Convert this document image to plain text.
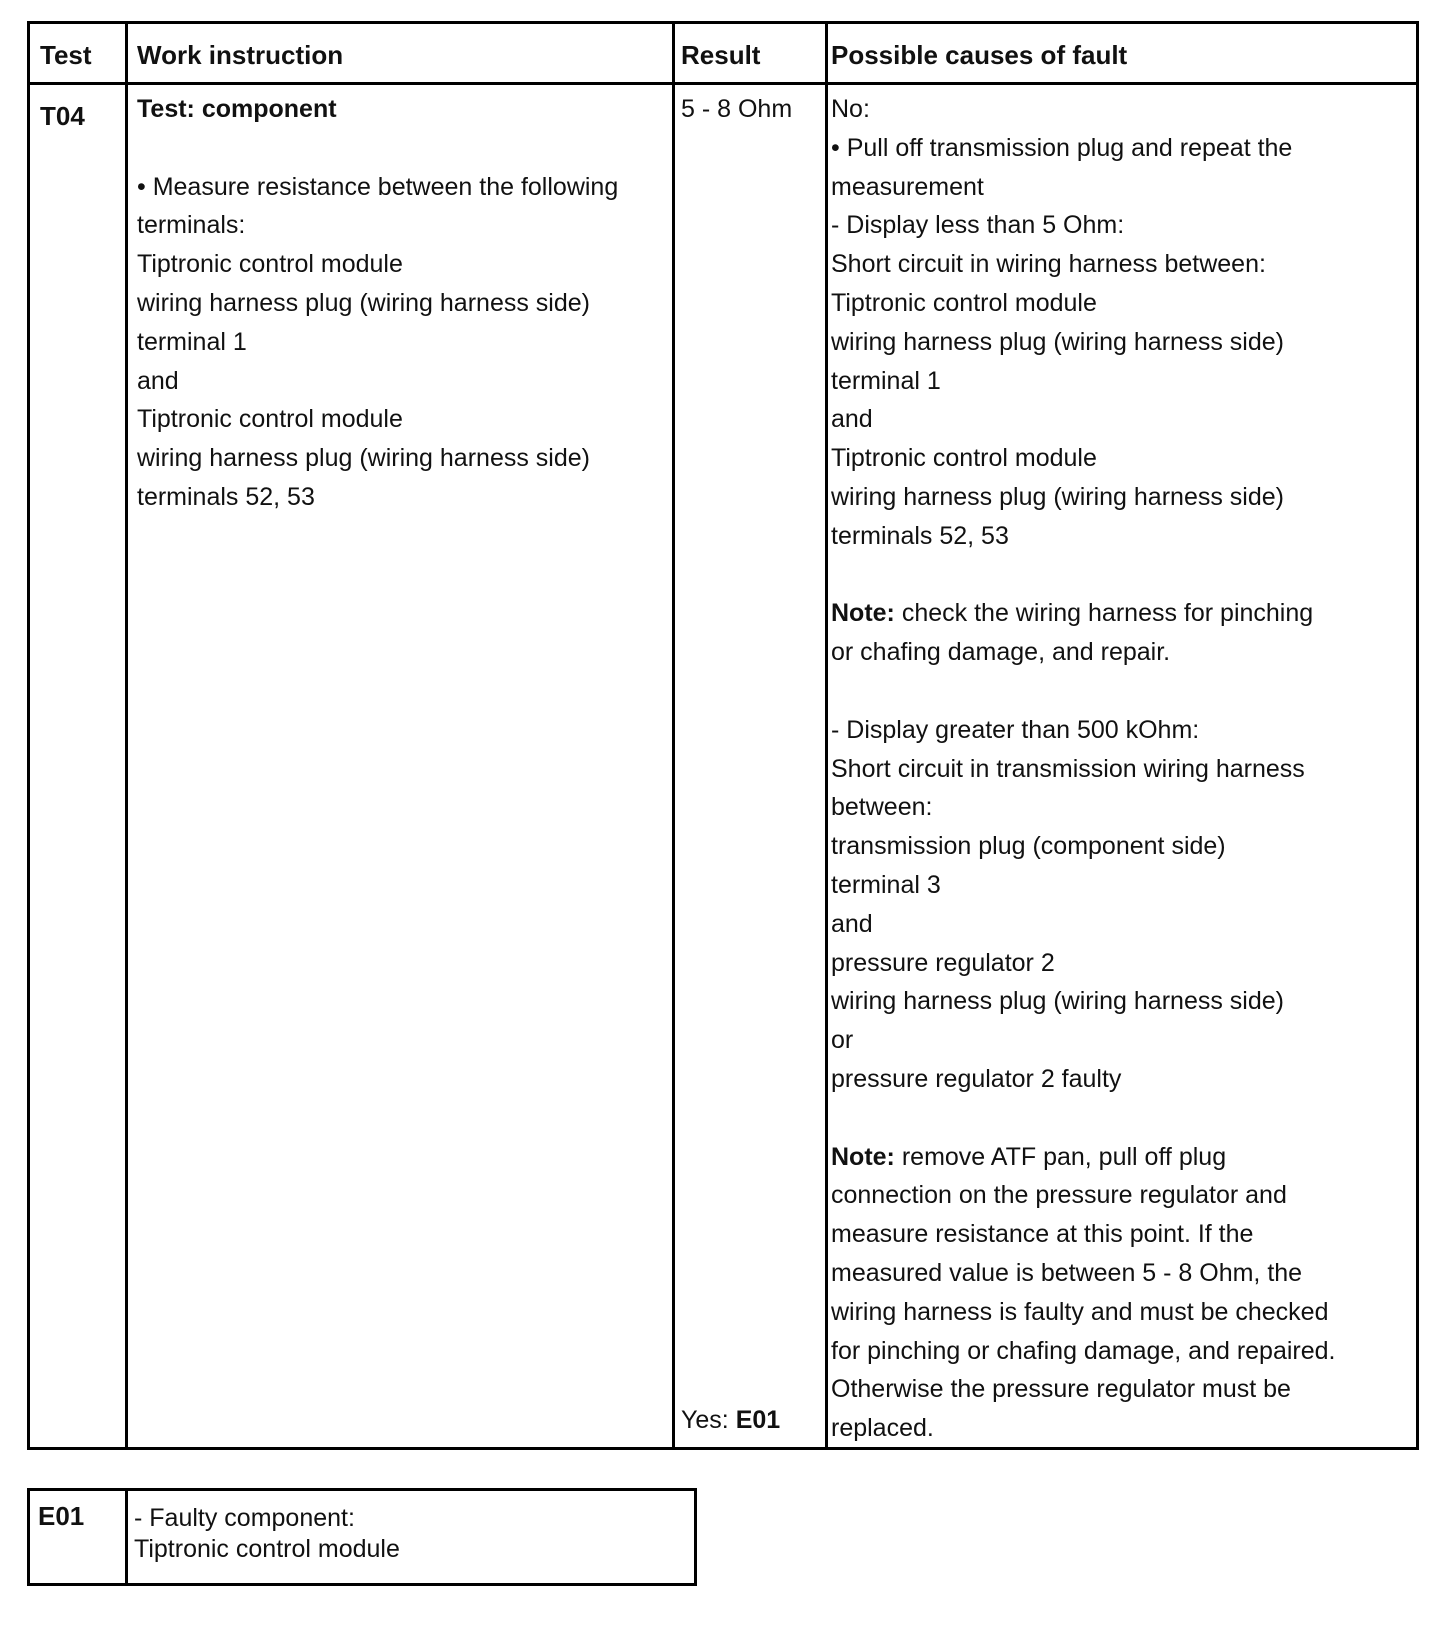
Test Work instruction	Result	Possible causes of fault
T04 Test: component
• Measure resistance between the following
terminals:
Tiptronic control module
wiring harness plug (wiring harness side)
terminal 1
and
Tiptronic control module
wiring harness plug (wiring harness side)
terminals 52, 53
5 - 8 Ohm
Yes: E01
No:
• Pull off transmission plug and repeat the
measurement
- Display less than 5 Ohm:
Short circuit in wiring harness between:
Tiptronic control module
wiring harness plug (wiring harness side)
terminal 1
and
Tiptronic control module
wiring harness plug (wiring harness side)
terminals 52, 53
Note: check the wiring harness for pinching
or chafing damage, and repair.
- Display greater than 500 kOhm:
Short circuit in transmission wiring harness
between:
transmission plug (component side)
terminal 3
and
pressure regulator 2
wiring harness plug (wiring harness side)
or
pressure regulator 2 faulty
Note: remove ATF pan, pull off plug
connection on the pressure regulator and
measure resistance at this point. If the
measured value is between 5 - 8 Ohm, the
wiring harness is faulty and must be checked
for pinching or chafing damage, and repaired.
Otherwise the pressure regulator must be
replaced.
E01 - Faulty component:
Tiptronic control module
